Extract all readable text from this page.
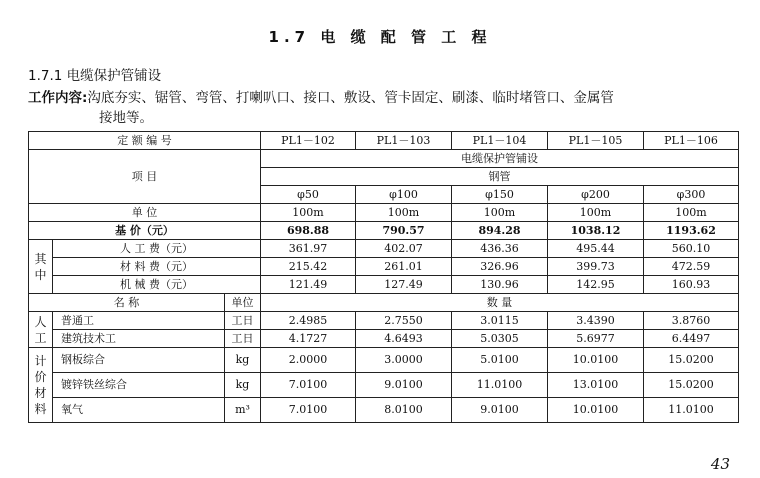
1.7 电 缆 配 管 工 程
1.7.1 电缆保护管铺设
工作内容:沟底夯实、锯管、弯管、打喇叭口、接口、敷设、管卡固定、刷漆、临时堵管口、金属管
接地等。
定 额 编 号			PL1－102	PL1－103	PL1－104	PL1－105	PL1－106
项 目			电缆保护管铺设				
			钢管				
			φ50	φ100	φ150	φ200	φ300
单 位			100m	100m	100m	100m	100m
基 价（元）			698.88	790.57	894.28	1038.12	1193.62
其中	人 工 费（元）		361.97	402.07	436.36	495.44	560.10
	材 料 费（元）		215.42	261.01	326.96	399.73	472.59
	机 械 费（元）		121.49	127.49	130.96	142.95	160.93
名 称		单位	数 量				
人工	普通工	工日	2.4985	2.7550	3.0115	3.4390	3.8760
	建筑技术工	工日	4.1727	4.6493	5.0305	5.6977	6.4497
计价材料	钢板综合	kg	2.0000	3.0000	5.0100	10.0100	15.0200
	镀锌铁丝综合	kg	7.0100	9.0100	11.0100	13.0100	15.0200
	氧气	m³	7.0100	8.0100	9.0100	10.0100	11.0100
43
